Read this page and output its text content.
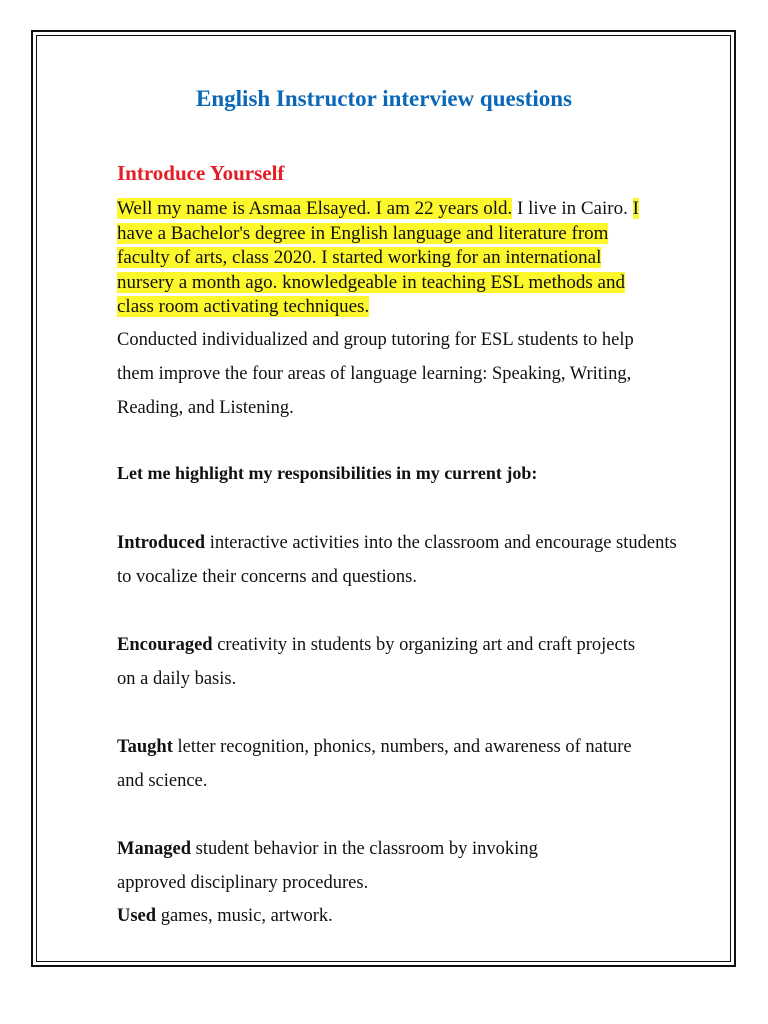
English Instructor interview questions
Introduce Yourself

Well my name is Asmaa Elsayed. I am 22 years old. I live in Cairo. I have a Bachelor's degree in English language and literature from faculty of arts, class 2020. I started working for an international nursery a month ago. knowledgeable in teaching ESL methods and class room activating techniques.

Conducted individualized and group tutoring for ESL students to help them improve the four areas of language learning: Speaking, Writing, Reading, and Listening.

Let me highlight my responsibilities in my current job:

Introduced interactive activities into the classroom and encourage students to vocalize their concerns and questions.

Encouraged creativity in students by organizing art and craft projects on a daily basis.

Taught letter recognition, phonics, numbers, and awareness of nature and science.

Managed student behavior in the classroom by invoking approved disciplinary procedures.

Used games, music, artwork.
